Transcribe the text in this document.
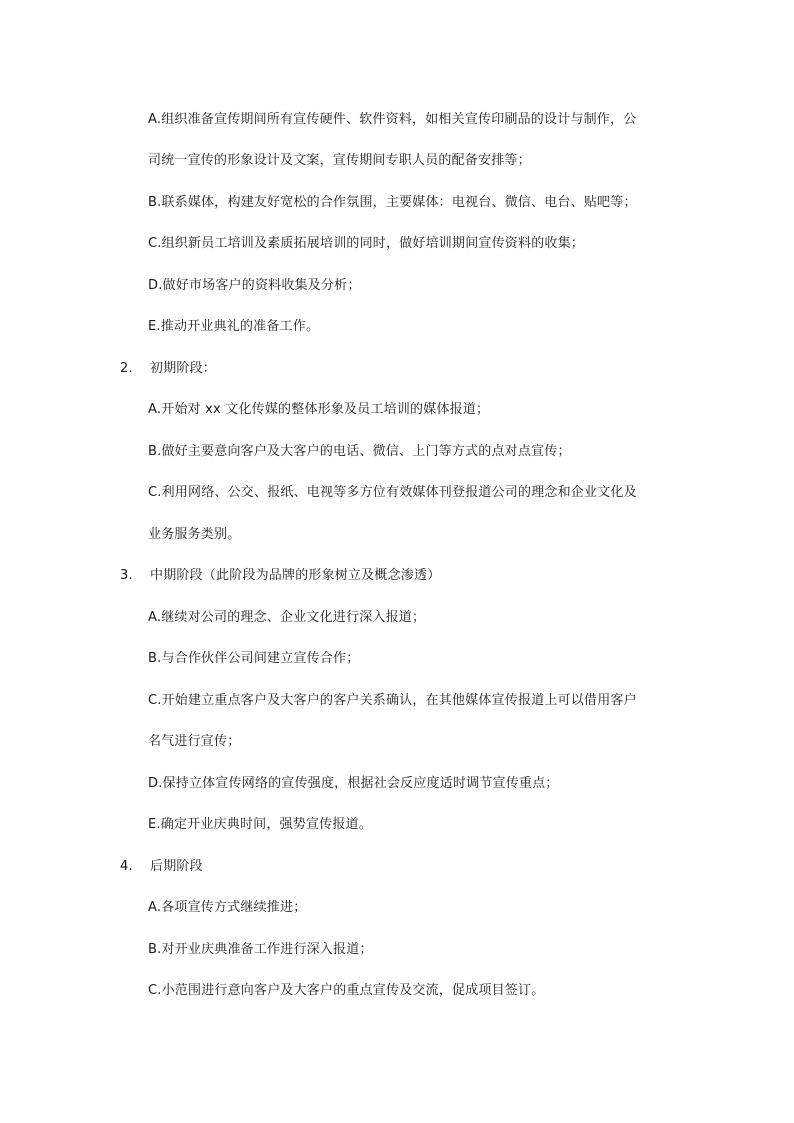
A.组织准备宣传期间所有宣传硬件、软件资料，如相关宣传印刷品的设计与制作，公
司统一宣传的形象设计及文案，宣传期间专职人员的配备安排等；
B.联系媒体，构建友好宽松的合作氛围，主要媒体：电视台、微信、电台、贴吧等；
C.组织新员工培训及素质拓展培训的同时，做好培训期间宣传资料的收集；
D.做好市场客户的资料收集及分析；
E.推动开业典礼的准备工作。
2. 初期阶段：
A.开始对 xx 文化传媒的整体形象及员工培训的媒体报道；
B.做好主要意向客户及大客户的电话、微信、上门等方式的点对点宣传；
C.利用网络、公交、报纸、电视等多方位有效媒体刊登报道公司的理念和企业文化及
业务服务类别。
3. 中期阶段（此阶段为品牌的形象树立及概念渗透）
A.继续对公司的理念、企业文化进行深入报道；
B.与合作伙伴公司间建立宣传合作；
C.开始建立重点客户及大客户的客户关系确认，在其他媒体宣传报道上可以借用客户
名气进行宣传；
D.保持立体宣传网络的宣传强度，根据社会反应度适时调节宣传重点；
E.确定开业庆典时间，强势宣传报道。
4. 后期阶段
A.各项宣传方式继续推进；
B.对开业庆典准备工作进行深入报道；
C.小范围进行意向客户及大客户的重点宣传及交流，促成项目签订。
